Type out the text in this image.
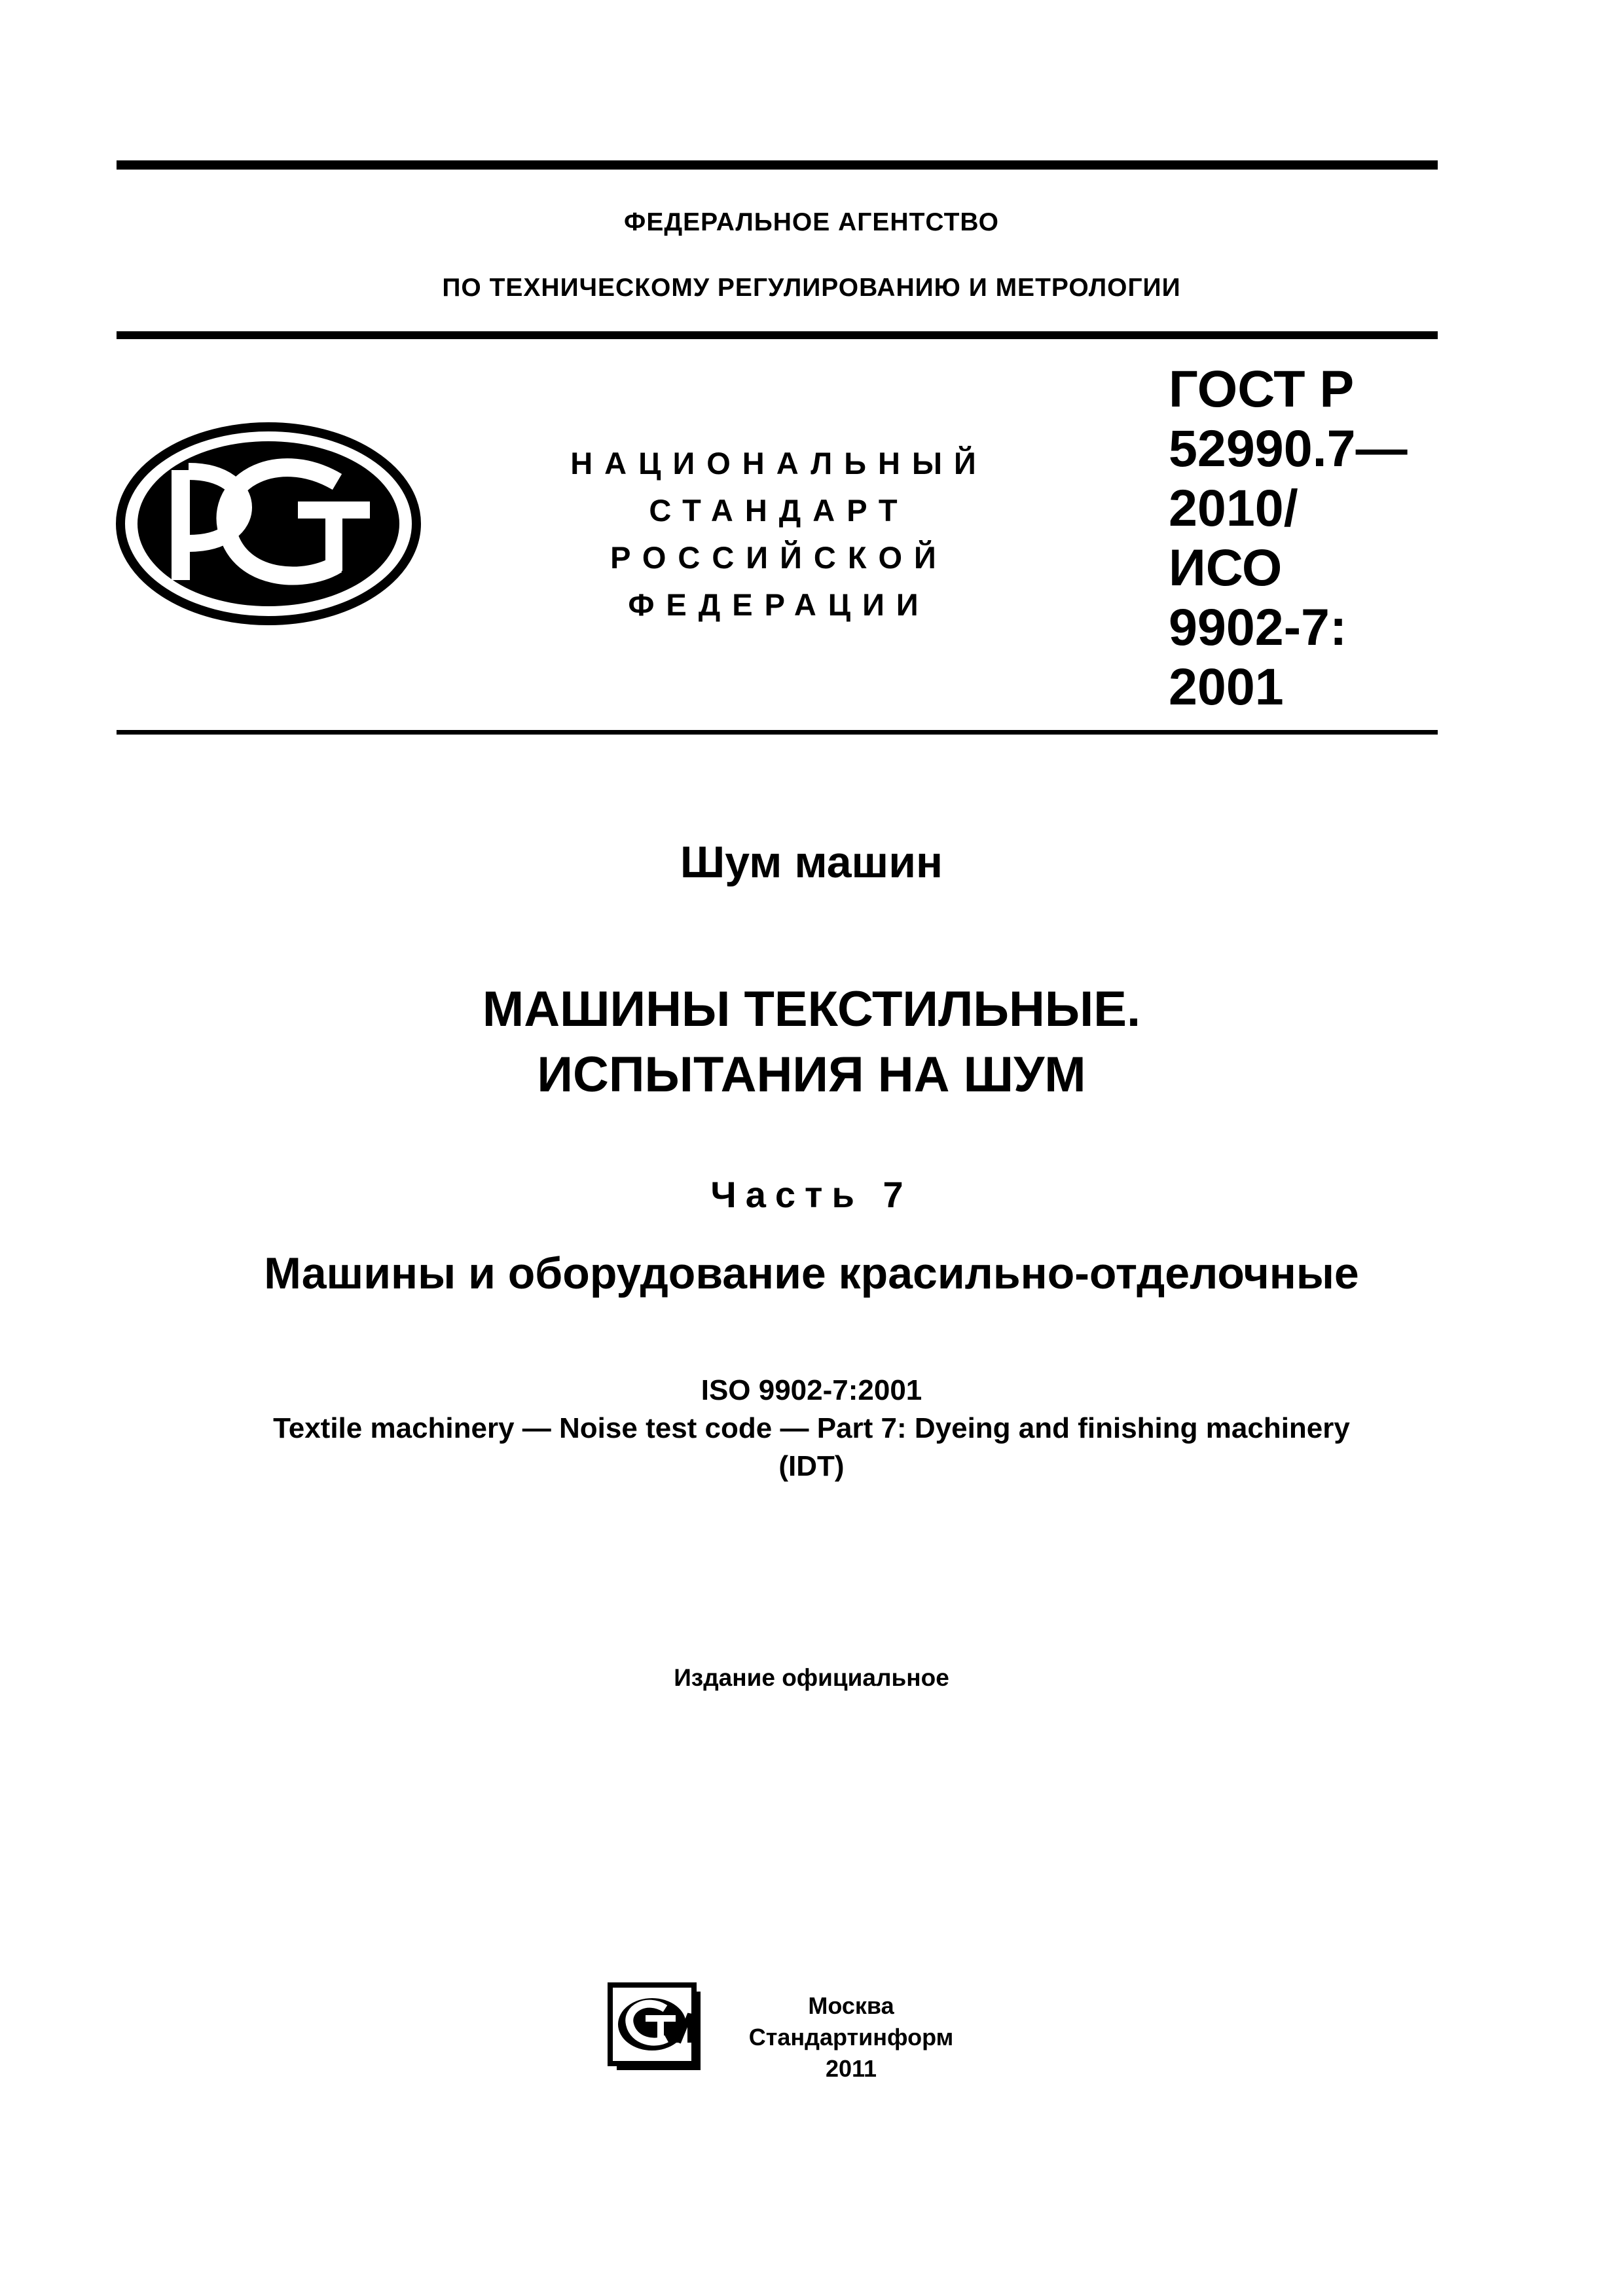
ФЕДЕРАЛЬНОЕ АГЕНТСТВО
ПО ТЕХНИЧЕСКОМУ РЕГУЛИРОВАНИЮ И МЕТРОЛОГИИ
НАЦИОНАЛЬНЫЙ
СТАНДАРТ
РОССИЙСКОЙ
ФЕДЕРАЦИИ
ГОСТ Р
52990.7—
2010/
ИСО
9902-7:
2001
Шум машин
МАШИНЫ ТЕКСТИЛЬНЫЕ.
ИСПЫТАНИЯ НА ШУМ
Часть 7
Машины и оборудование красильно-отделочные
ISO 9902-7:2001
Textile machinery — Noise test code — Part 7: Dyeing and finishing machinery
(IDT)
Издание официальное
Москва
Стандартинформ
2011
